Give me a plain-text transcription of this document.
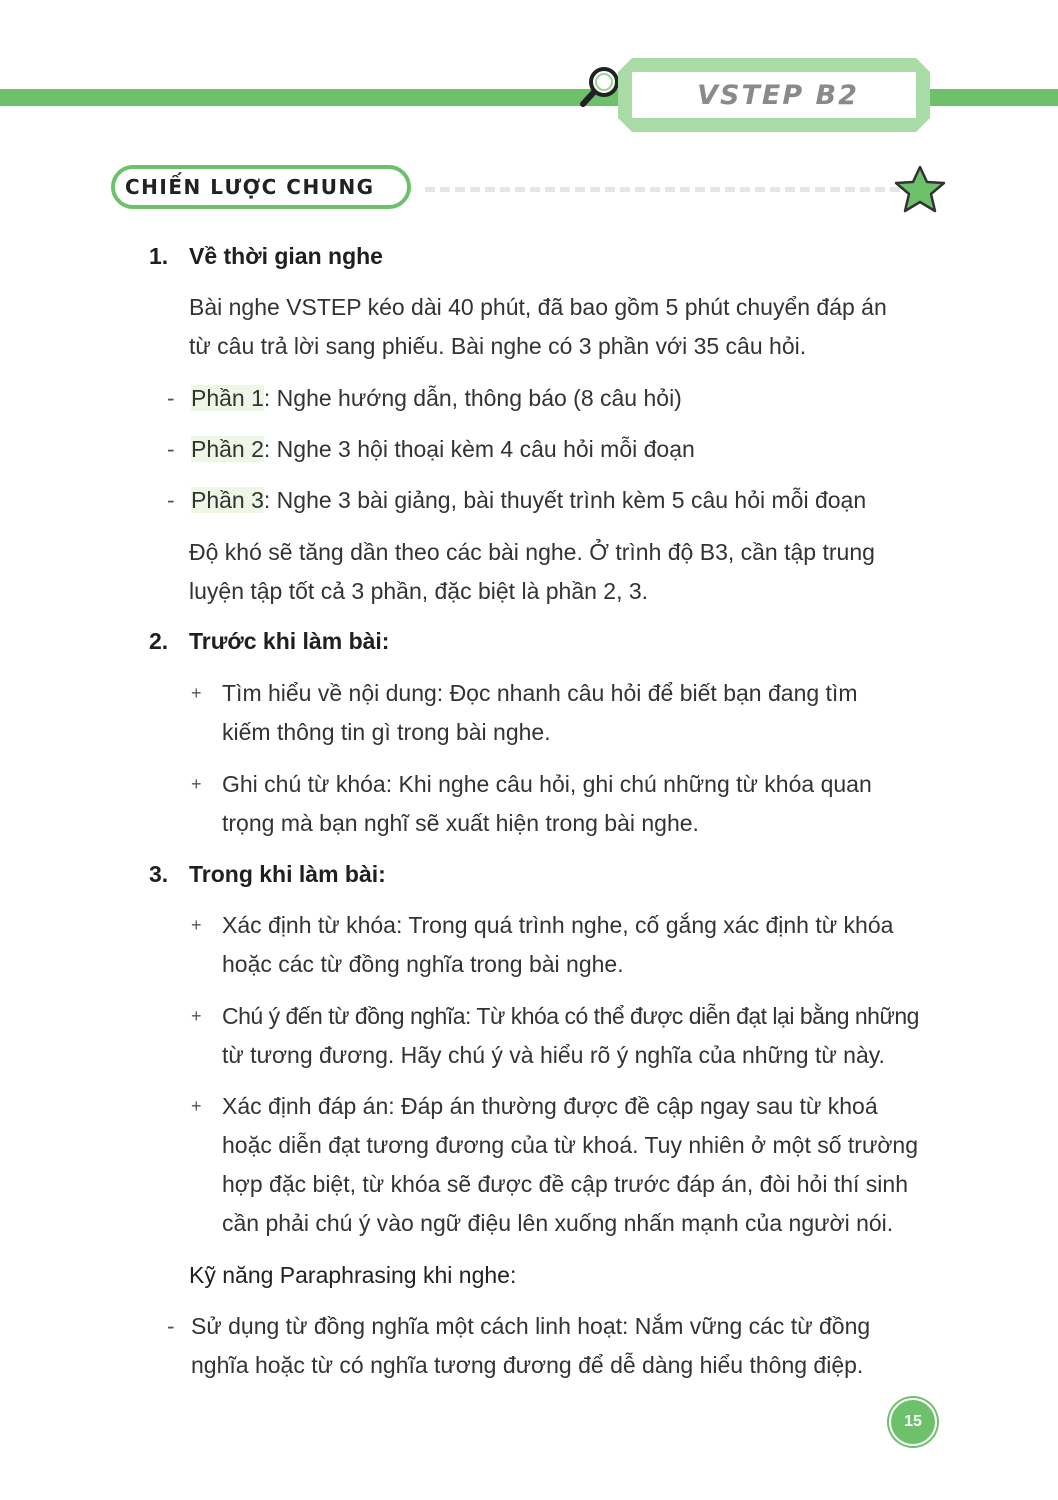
VSTEP B2
CHIẾN LƯỢC CHUNG
1. Về thời gian nghe
Bài nghe VSTEP kéo dài 40 phút, đã bao gồm 5 phút chuyển đáp án
từ câu trả lời sang phiếu. Bài nghe có 3 phần với 35 câu hỏi.
- Phần 1: Nghe hướng dẫn, thông báo (8 câu hỏi)
- Phần 2: Nghe 3 hội thoại kèm 4 câu hỏi mỗi đoạn
- Phần 3: Nghe 3 bài giảng, bài thuyết trình kèm 5 câu hỏi mỗi đoạn
Độ khó sẽ tăng dần theo các bài nghe. Ở trình độ B3, cần tập trung
luyện tập tốt cả 3 phần, đặc biệt là phần 2, 3.
2. Trước khi làm bài:
+ Tìm hiểu về nội dung: Đọc nhanh câu hỏi để biết bạn đang tìm
kiếm thông tin gì trong bài nghe.
+ Ghi chú từ khóa: Khi nghe câu hỏi, ghi chú những từ khóa quan
trọng mà bạn nghĩ sẽ xuất hiện trong bài nghe.
3. Trong khi làm bài:
+ Xác định từ khóa: Trong quá trình nghe, cố gắng xác định từ khóa
hoặc các từ đồng nghĩa trong bài nghe.
+ Chú ý đến từ đồng nghĩa: Từ khóa có thể được diễn đạt lại bằng những
từ tương đương. Hãy chú ý và hiểu rõ ý nghĩa của những từ này.
+ Xác định đáp án: Đáp án thường được đề cập ngay sau từ khoá
hoặc diễn đạt tương đương của từ khoá. Tuy nhiên ở một số trường
hợp đặc biệt, từ khóa sẽ được đề cập trước đáp án, đòi hỏi thí sinh
cần phải chú ý vào ngữ điệu lên xuống nhấn mạnh của người nói.
Kỹ năng Paraphrasing khi nghe:
- Sử dụng từ đồng nghĩa một cách linh hoạt: Nắm vững các từ đồng
nghĩa hoặc từ có nghĩa tương đương để dễ dàng hiểu thông điệp.
15
